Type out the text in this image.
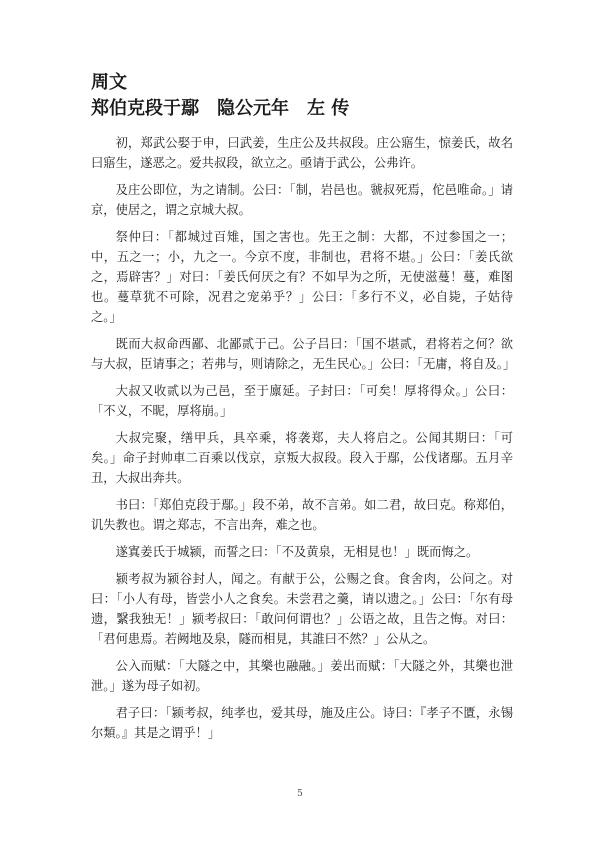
周文
郑伯克段于鄢　隐公元年　左 传

初，郑武公娶于申，曰武姜，生庄公及共叔段。庄公寤生，惊姜氏，故名曰寤生，遂恶之。爱共叔段，欲立之。亟请于武公，公弗许。

及庄公即位，为之请制。公曰：「制，岩邑也。虢叔死焉，佗邑唯命。」请京，使居之，谓之京城大叔。

祭仲曰：「都城过百雉，国之害也。先王之制：大都，不过参国之一；中，五之一；小，九之一。今京不度，非制也，君将不堪。」公曰：「姜氏欲之，焉辟害？」对曰：「姜氏何厌之有？不如早为之所，无使滋蔓！蔓，难图也。蔓草犹不可除，况君之宠弟乎？」公曰：「多行不义，必自毙，子姑待之。」

既而大叔命西鄙、北鄙贰于己。公子吕曰：「国不堪贰，君将若之何？欲与大叔，臣请事之；若弗与，则请除之，无生民心。」公曰：「无庸，将自及。」

大叔又收贰以为己邑，至于廪延。子封曰：「可矣！厚将得众。」公曰：「不义，不昵，厚将崩。」

大叔完聚，缮甲兵，具卒乘，将袭郑，夫人将启之。公闻其期曰：「可矣。」命子封帅車二百乘以伐京，京叛大叔段。段入于鄢，公伐诸鄢。五月辛丑，大叔出奔共。

书曰：「郑伯克段于鄢。」段不弟，故不言弟。如二君，故曰克。称郑伯，讥失教也。谓之郑志，不言出奔，难之也。

遂寘姜氏于城颍，而誓之曰：「不及黄泉，无相見也！」既而悔之。

颍考叔为颍谷封人，闻之。有献于公，公赐之食。食舍肉，公问之。对曰：「小人有母，皆尝小人之食矣。未尝君之羹，请以遗之。」公曰：「尔有母遗，繄我独无！」颍考叔曰：「敢问何谓也？」公语之故，且告之悔。对曰：「君何患焉。若阙地及泉，隧而相見，其誰曰不然？」公从之。

公入而赋：「大隧之中，其樂也融融。」姜出而赋：「大隧之外，其樂也泄泄。」遂为母子如初。

君子曰：「颍考叔，纯孝也，爱其母，施及庄公。诗曰：『孝子不匱，永锡尔類。』其是之谓乎！」

5
